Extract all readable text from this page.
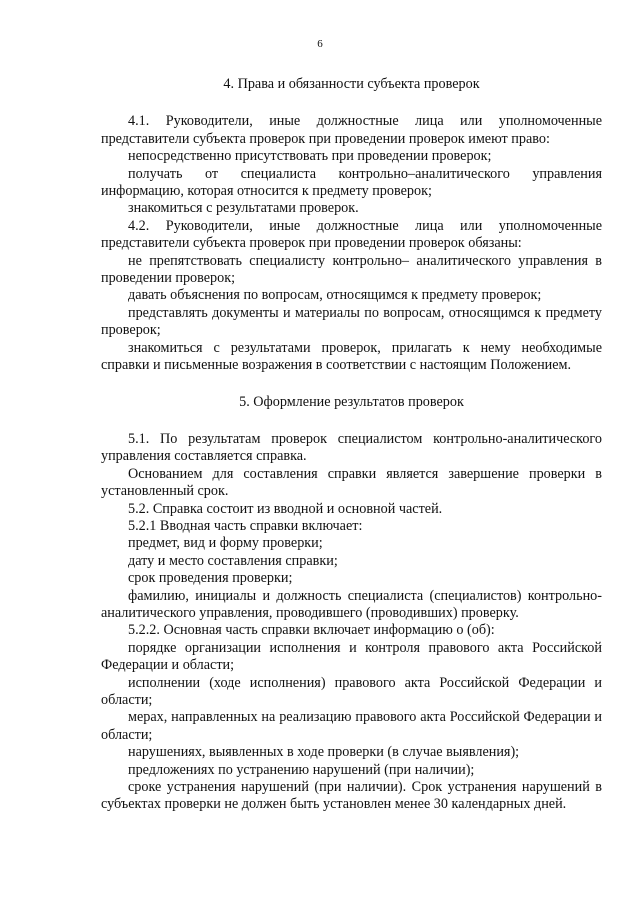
6
4. Права и обязанности субъекта проверок

4.1. Руководители, иные должностные лица или уполномоченные представители субъекта проверок при проведении проверок имеют право:

непосредственно присутствовать при проведении проверок;

получать от специалиста контрольно–аналитического управления информацию, которая относится к предмету проверок;

знакомиться с результатами проверок.

4.2. Руководители, иные должностные лица или уполномоченные представители субъекта проверок при проведении проверок обязаны:

не препятствовать специалисту контрольно– аналитического управления в проведении проверок;

давать объяснения по вопросам, относящимся к предмету проверок;

представлять документы и материалы по вопросам, относящимся к предмету проверок;

знакомиться с результатами проверок, прилагать к нему необходимые справки и письменные возражения в соответствии с настоящим Положением.

5. Оформление результатов проверок

5.1. По результатам проверок специалистом контрольно-аналитического управления составляется справка.

Основанием для составления справки является завершение проверки в установленный срок.

5.2. Справка состоит из вводной и основной частей.

5.2.1 Вводная часть справки включает:

предмет, вид и форму проверки;

дату и место составления справки;

срок проведения проверки;

фамилию, инициалы и должность специалиста (специалистов) контрольно-аналитического управления, проводившего (проводивших) проверку.

5.2.2. Основная часть справки включает информацию о (об):

порядке организации исполнения и контроля правового акта Российской Федерации и области;

исполнении (ходе исполнения) правового акта Российской Федерации и области;

мерах, направленных на реализацию правового акта Российской Федерации и области;

нарушениях, выявленных в ходе проверки (в случае выявления);

предложениях по устранению нарушений (при наличии);

сроке устранения нарушений (при наличии). Срок устранения нарушений в субъектах проверки не должен быть установлен менее 30 календарных дней.
